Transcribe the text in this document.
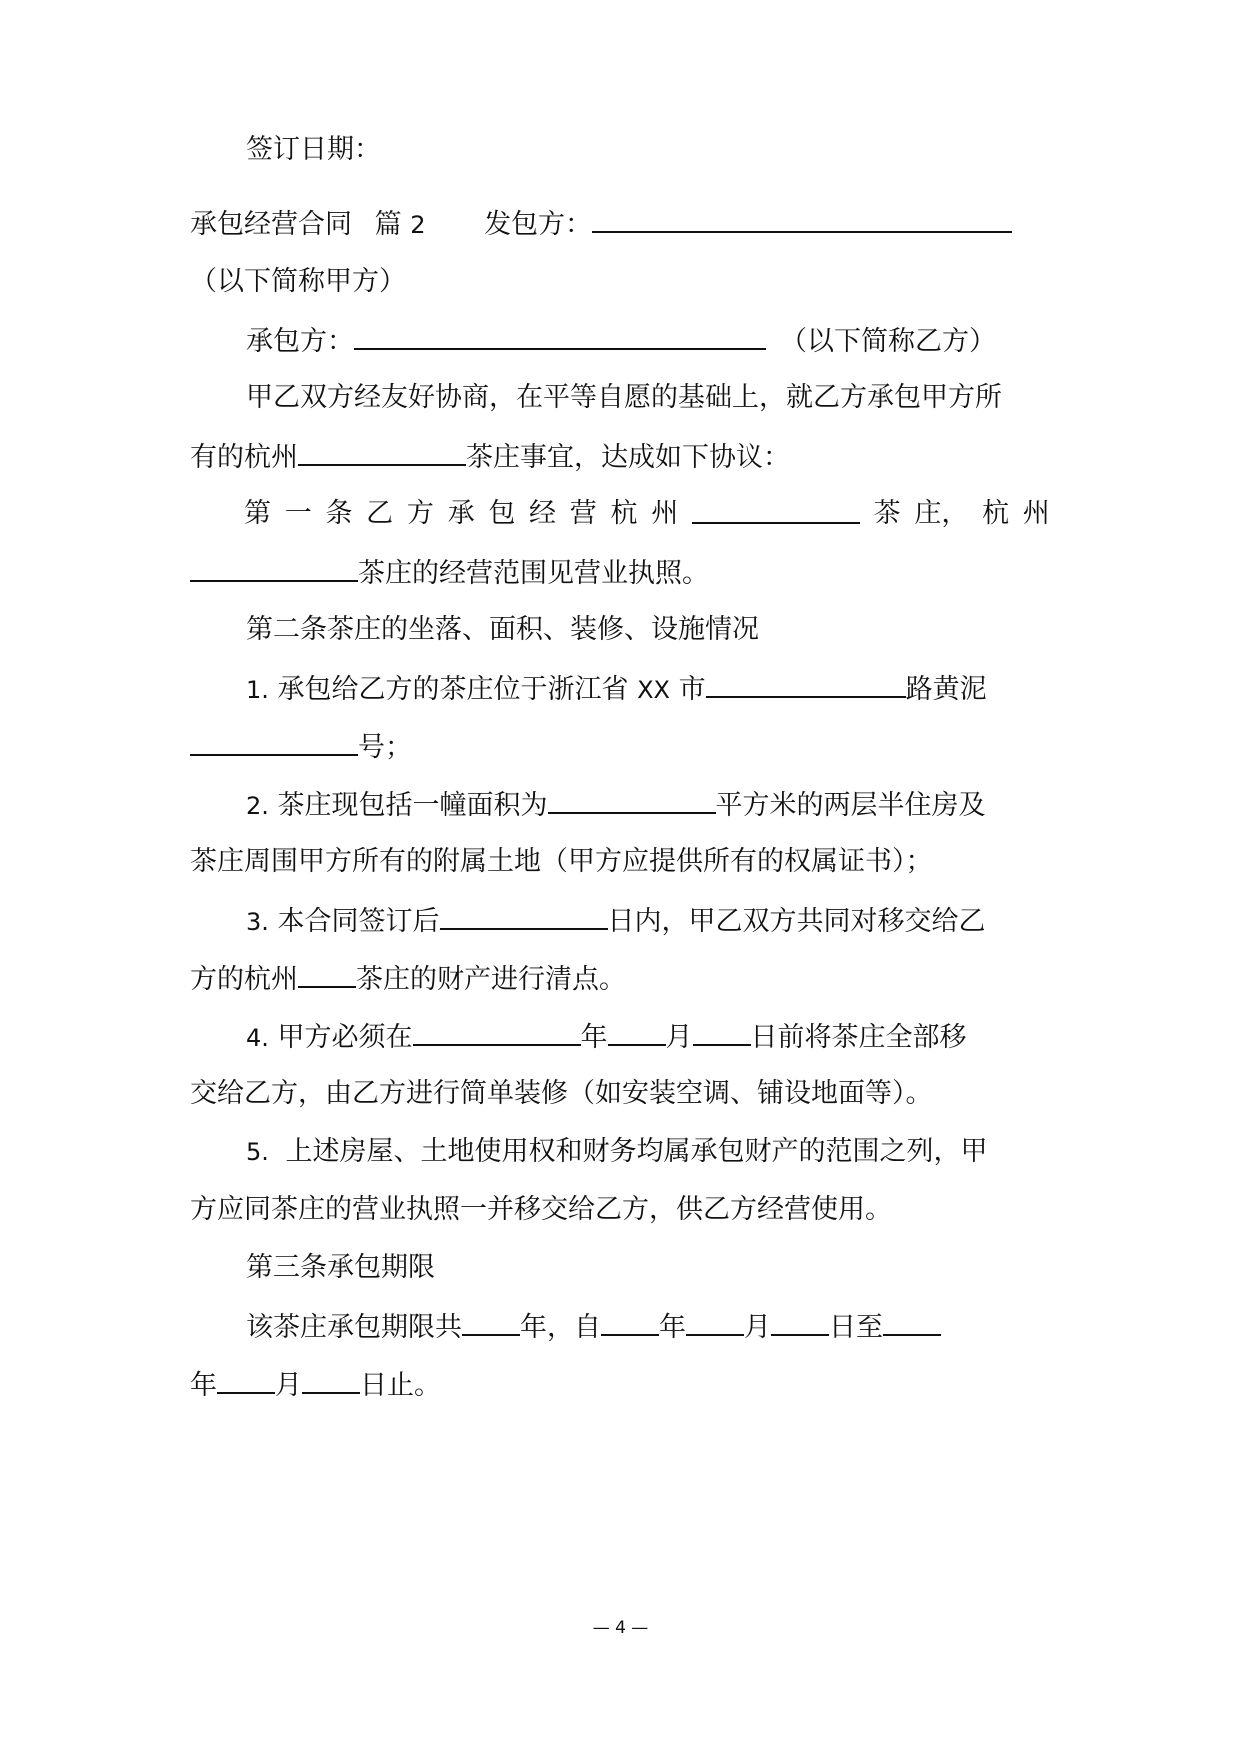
签订日期：
承包经营合同 篇 2 发包方：
（以下简称甲方）
承包方：	（以下简称乙方）
甲乙双方经友好协商，在平等自愿的基础上，就乙方承包甲方所
有的杭州	茶庄事宜，达成如下协议：
第 一 条 乙 方 承 包 经 营 杭 州	茶 庄， 杭 州
茶庄的经营范围见营业执照。
第二条茶庄的坐落、面积、装修、设施情况
1. 承包给乙方的茶庄位于浙江省 XX 市	路黄泥
号；
2. 茶庄现包括一幢面积为	平方米的两层半住房及
茶庄周围甲方所有的附属土地（甲方应提供所有的权属证书）；
3. 本合同签订后	日内，甲乙双方共同对移交给乙
方的杭州 茶庄的财产进行清点。
4. 甲方必须在	年 月 日前将茶庄全部移
交给乙方，由乙方进行简单装修（如安装空调、铺设地面等）。
5. 上述房屋、土地使用权和财务均属承包财产的范围之列，甲
方应同茶庄的营业执照一并移交给乙方，供乙方经营使用。
第三条承包期限
该茶庄承包期限共 年，自 年 月 日至
年 月 日止。
— 4 —
